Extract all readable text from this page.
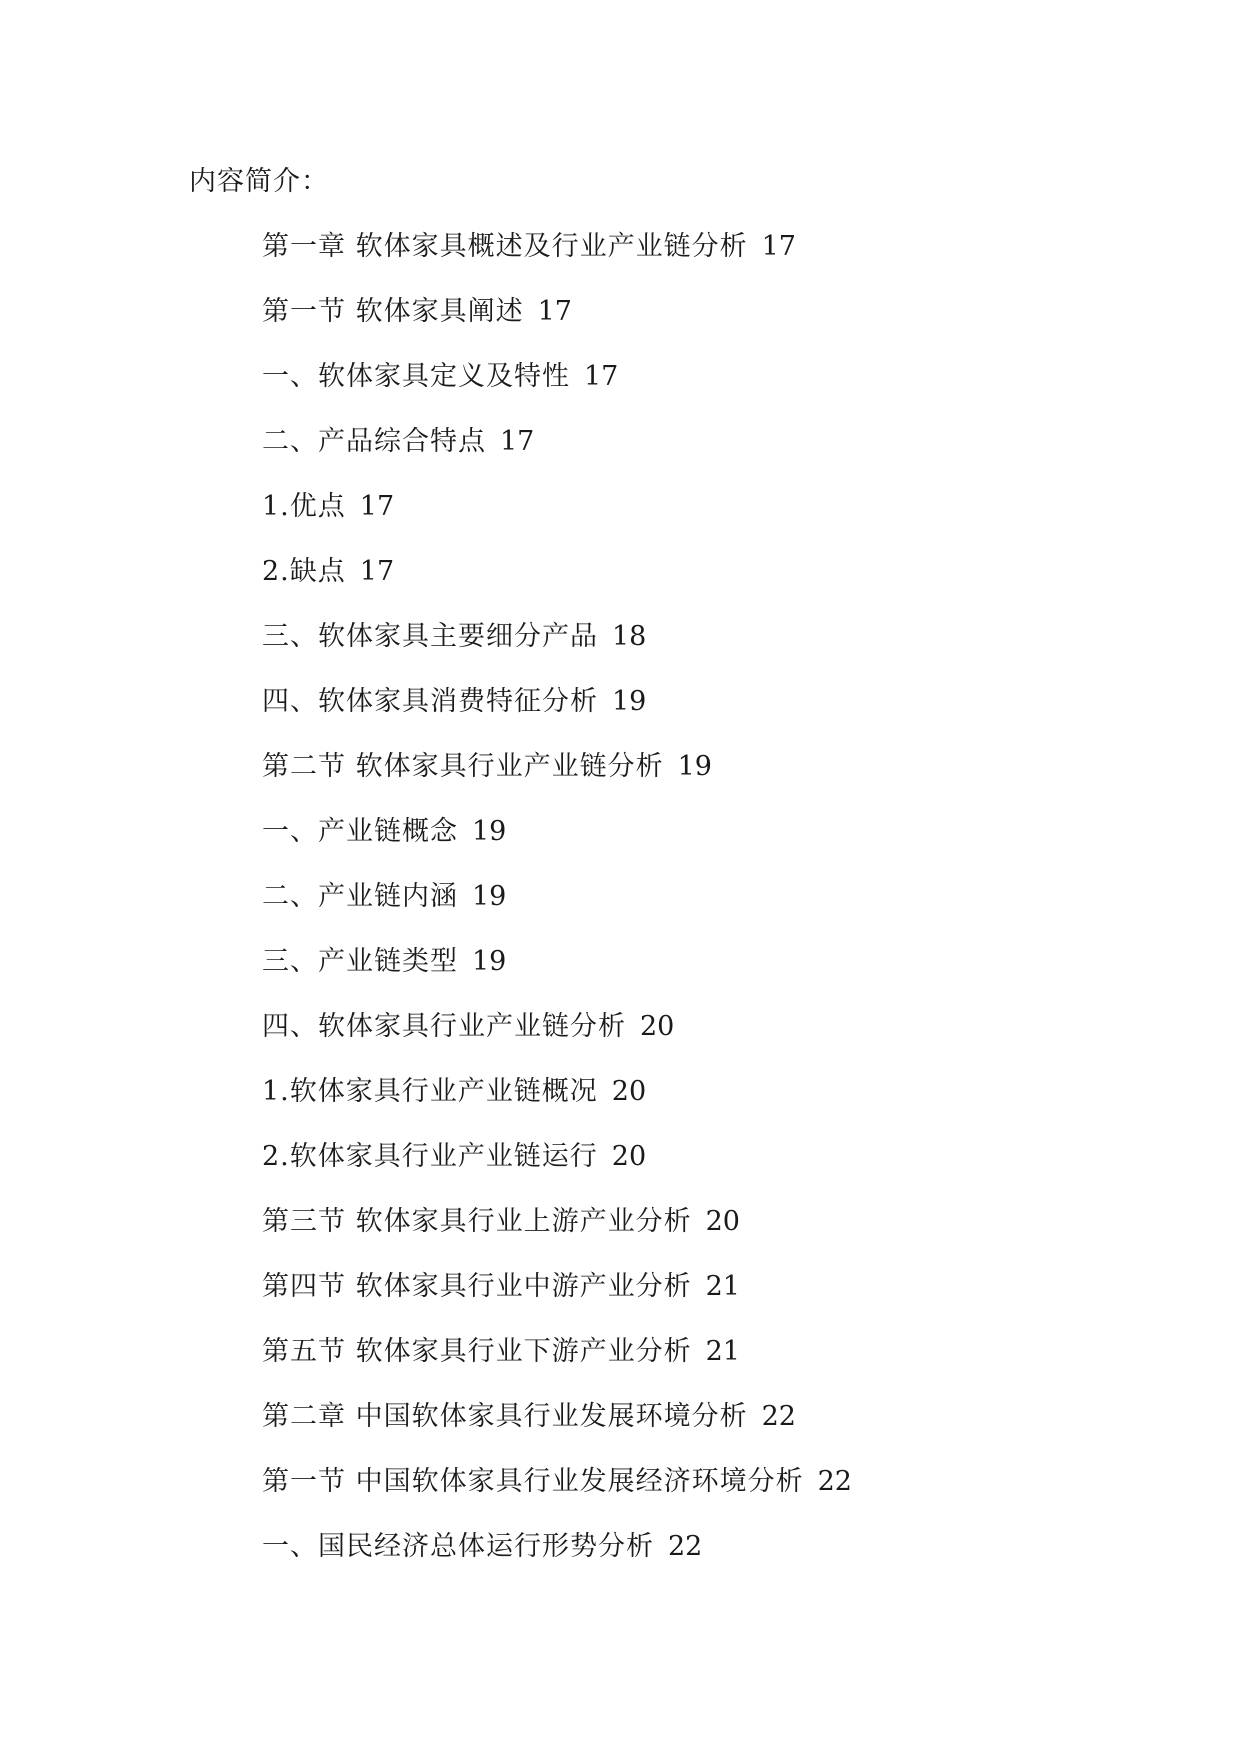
内容简介：
第一章 软体家具概述及行业产业链分析 17
第一节 软体家具阐述 17
一、软体家具定义及特性 17
二、产品综合特点 17
1.优点 17
2.缺点 17
三、软体家具主要细分产品 18
四、软体家具消费特征分析 19
第二节 软体家具行业产业链分析 19
一、产业链概念 19
二、产业链内涵 19
三、产业链类型 19
四、软体家具行业产业链分析 20
1.软体家具行业产业链概况 20
2.软体家具行业产业链运行 20
第三节 软体家具行业上游产业分析 20
第四节 软体家具行业中游产业分析 21
第五节 软体家具行业下游产业分析 21
第二章 中国软体家具行业发展环境分析 22
第一节 中国软体家具行业发展经济环境分析 22
一、国民经济总体运行形势分析 22
